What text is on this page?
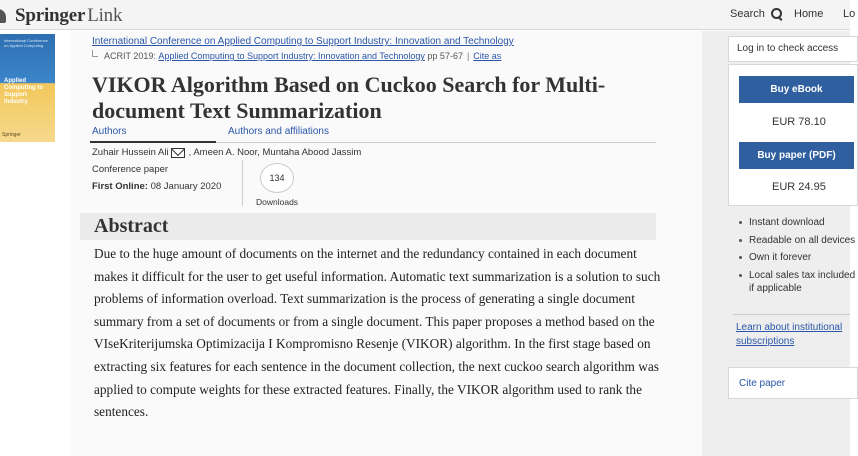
Springer Link	Search	Home Lo
International Conference on Applied Computing
Applied Computing to Support Industry
Springer
International Conference on Applied Computing to Support Industry: Innovation and Technology
ACRIT 2019:
Applied Computing to Support Industry: Innovation and Technology
pp 57-67 | Cite as
VIKOR Algorithm Based on Cuckoo Search for Multi-document Text Summarization
Authors	Authors and affiliations
Zuhair Hussein Ali , Ameen A. Noor, Muntaha Abood Jassim
Conference paper
First Online: 08 January 2020
134
Downloads
Abstract

Due to the huge amount of documents on the internet and the redundancy contained in each document makes it difficult for the user to get useful information. Automatic text summarization is a solution to such problems of information overload. Text summarization is the process of generating a single document summary from a set of documents or from a single document. This paper proposes a method based on the VIseKriterijumska Optimizacija I Kompromisno Resenje (VIKOR) algorithm. In the first stage based on extracting six features for each sentence in the document collection, the next cuckoo search algorithm was applied to compute weights for these extracted features. Finally, the VIKOR algorithm used to rank the sentences.

Log in to check access
Buy eBook
EUR 78.10
Buy paper (PDF)
EUR 24.95
Instant download
Readable on all devices
Own it forever
Local sales tax included if applicable
Learn about institutional subscriptions
Cite paper
